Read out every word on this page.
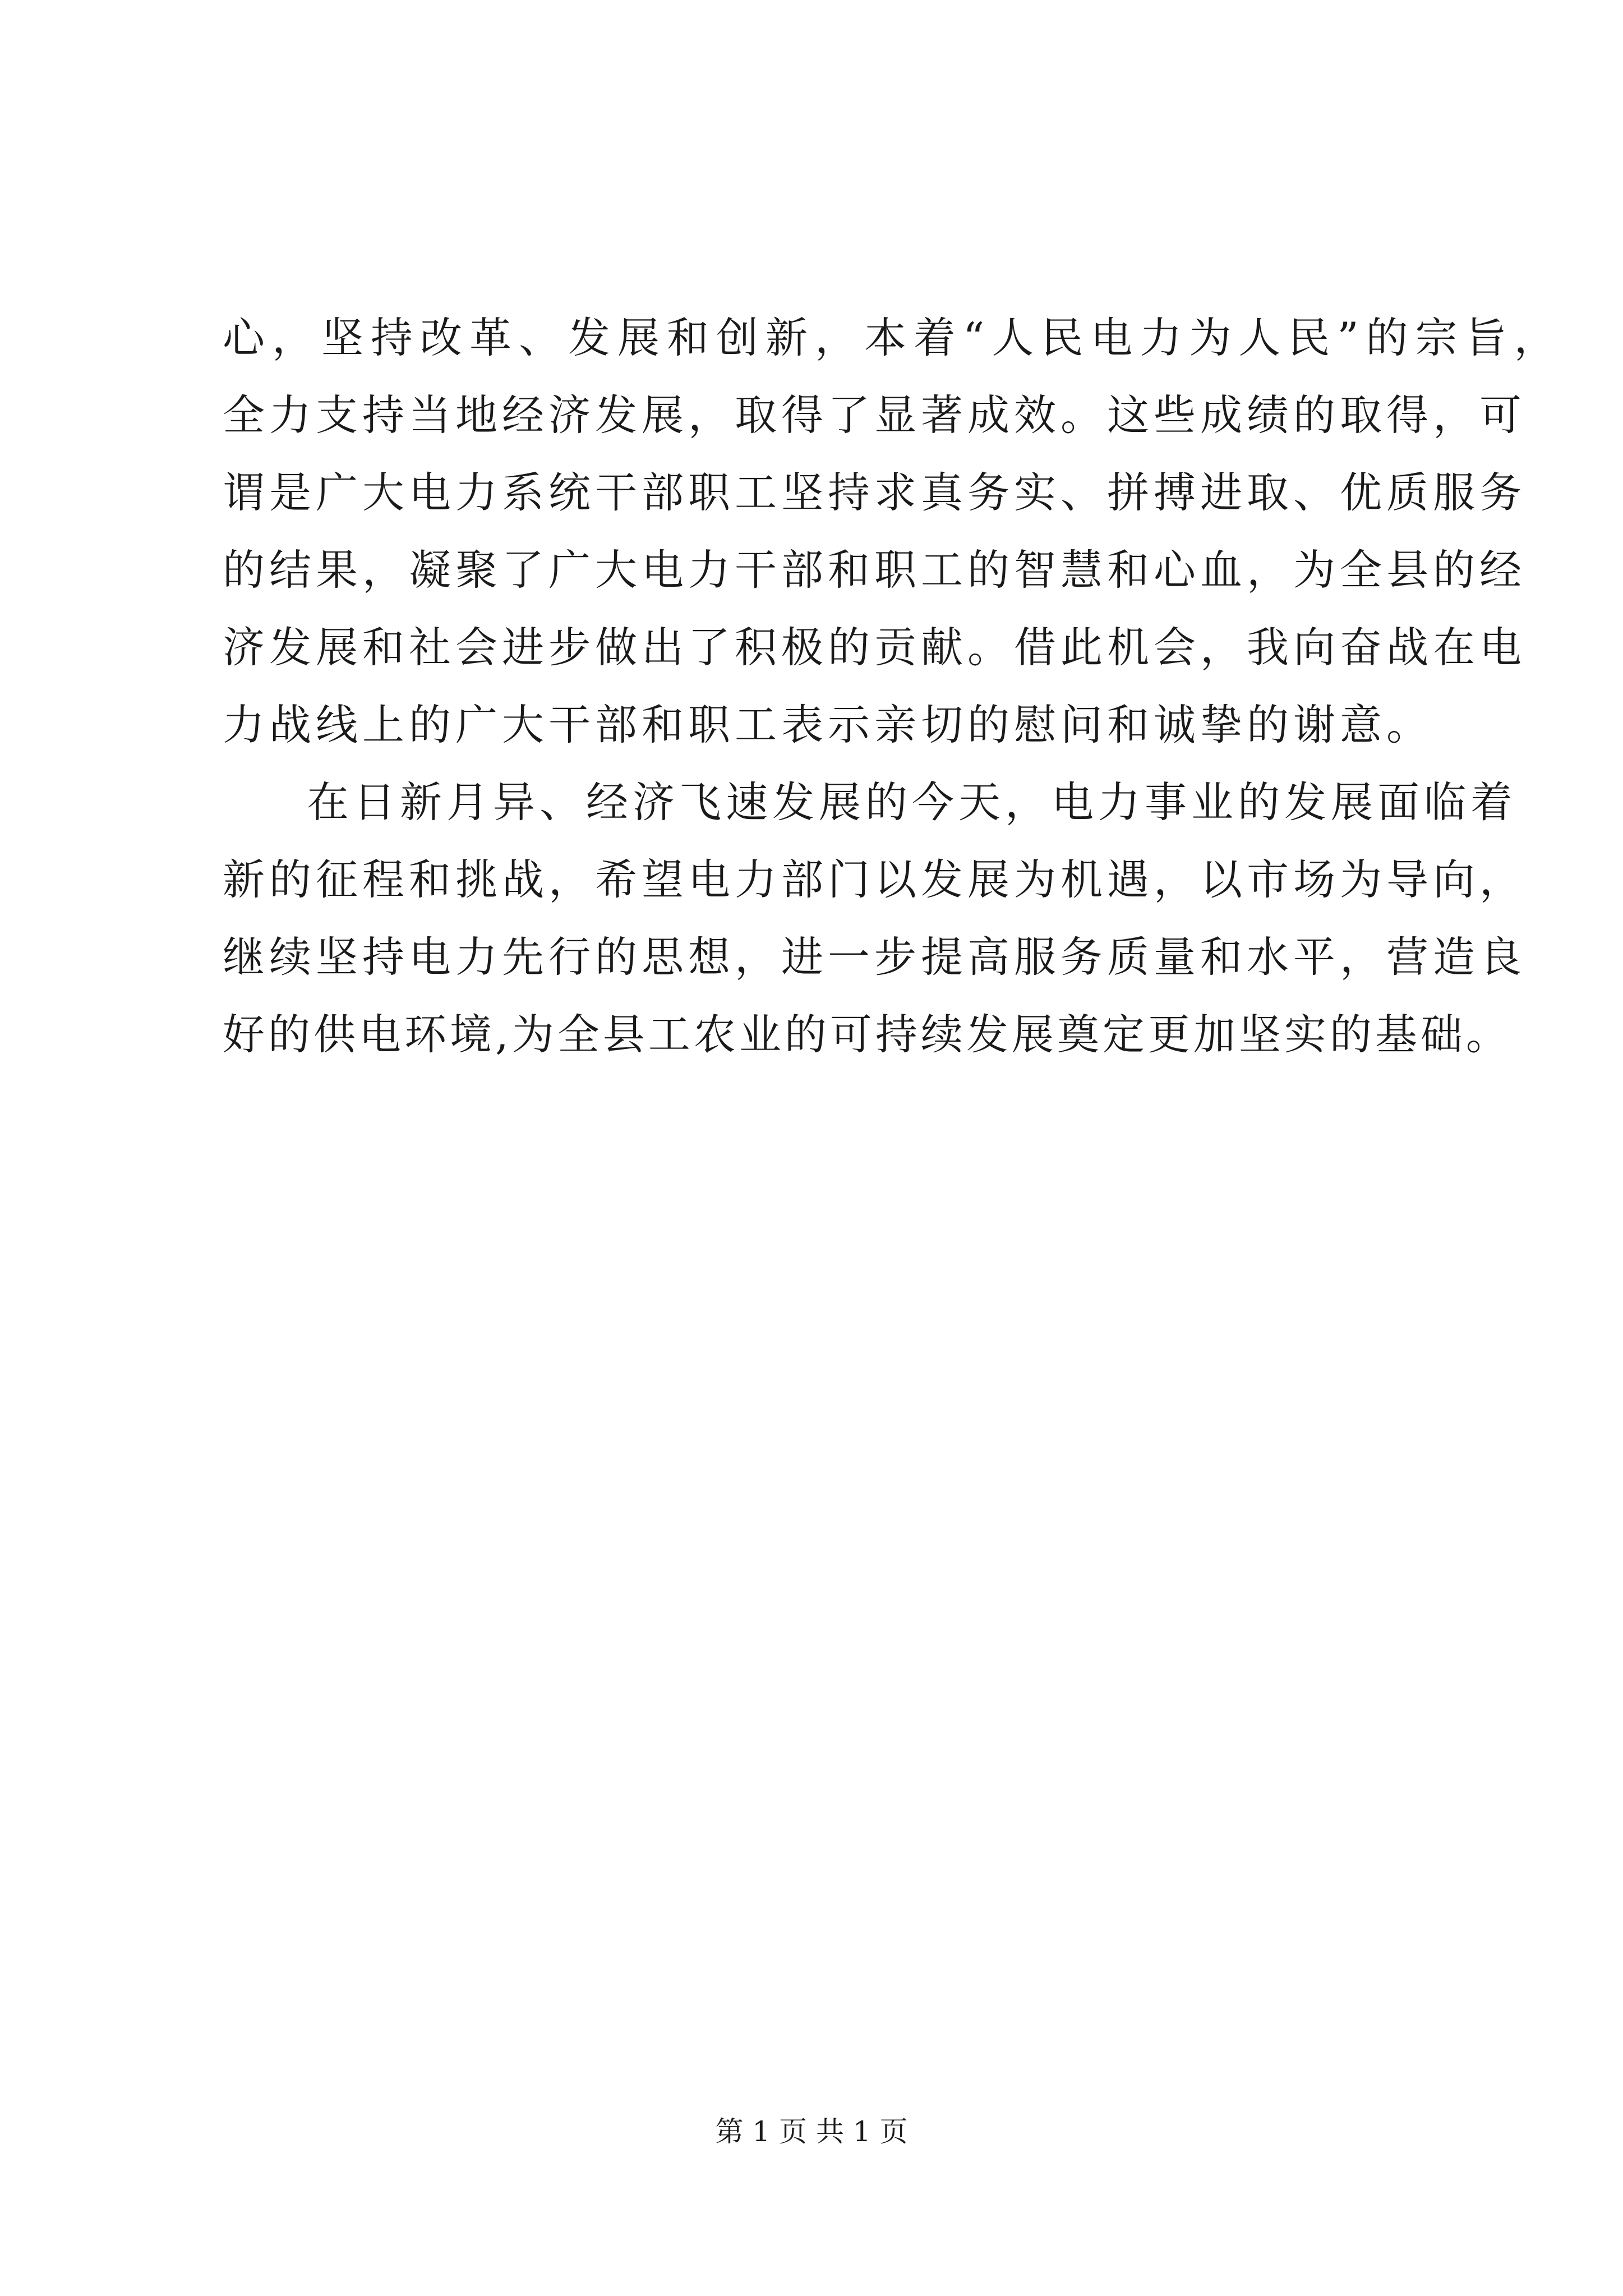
心，坚持改革、发展和创新，本着“人民电力为人民”的宗旨，
全力支持当地经济发展，取得了显著成效。这些成绩的取得，可
谓是广大电力系统干部职工坚持求真务实、拼搏进取、优质服务
的结果，凝聚了广大电力干部和职工的智慧和心血，为全县的经
济发展和社会进步做出了积极的贡献。借此机会，我向奋战在电
力战线上的广大干部和职工表示亲切的慰问和诚挚的谢意。
在日新月异、经济飞速发展的今天，电力事业的发展面临着
新的征程和挑战，希望电力部门以发展为机遇，以市场为导向，
继续坚持电力先行的思想，进一步提高服务质量和水平，营造良
好的供电环境,为全县工农业的可持续发展奠定更加坚实的基础。
第 1 页 共 1 页
